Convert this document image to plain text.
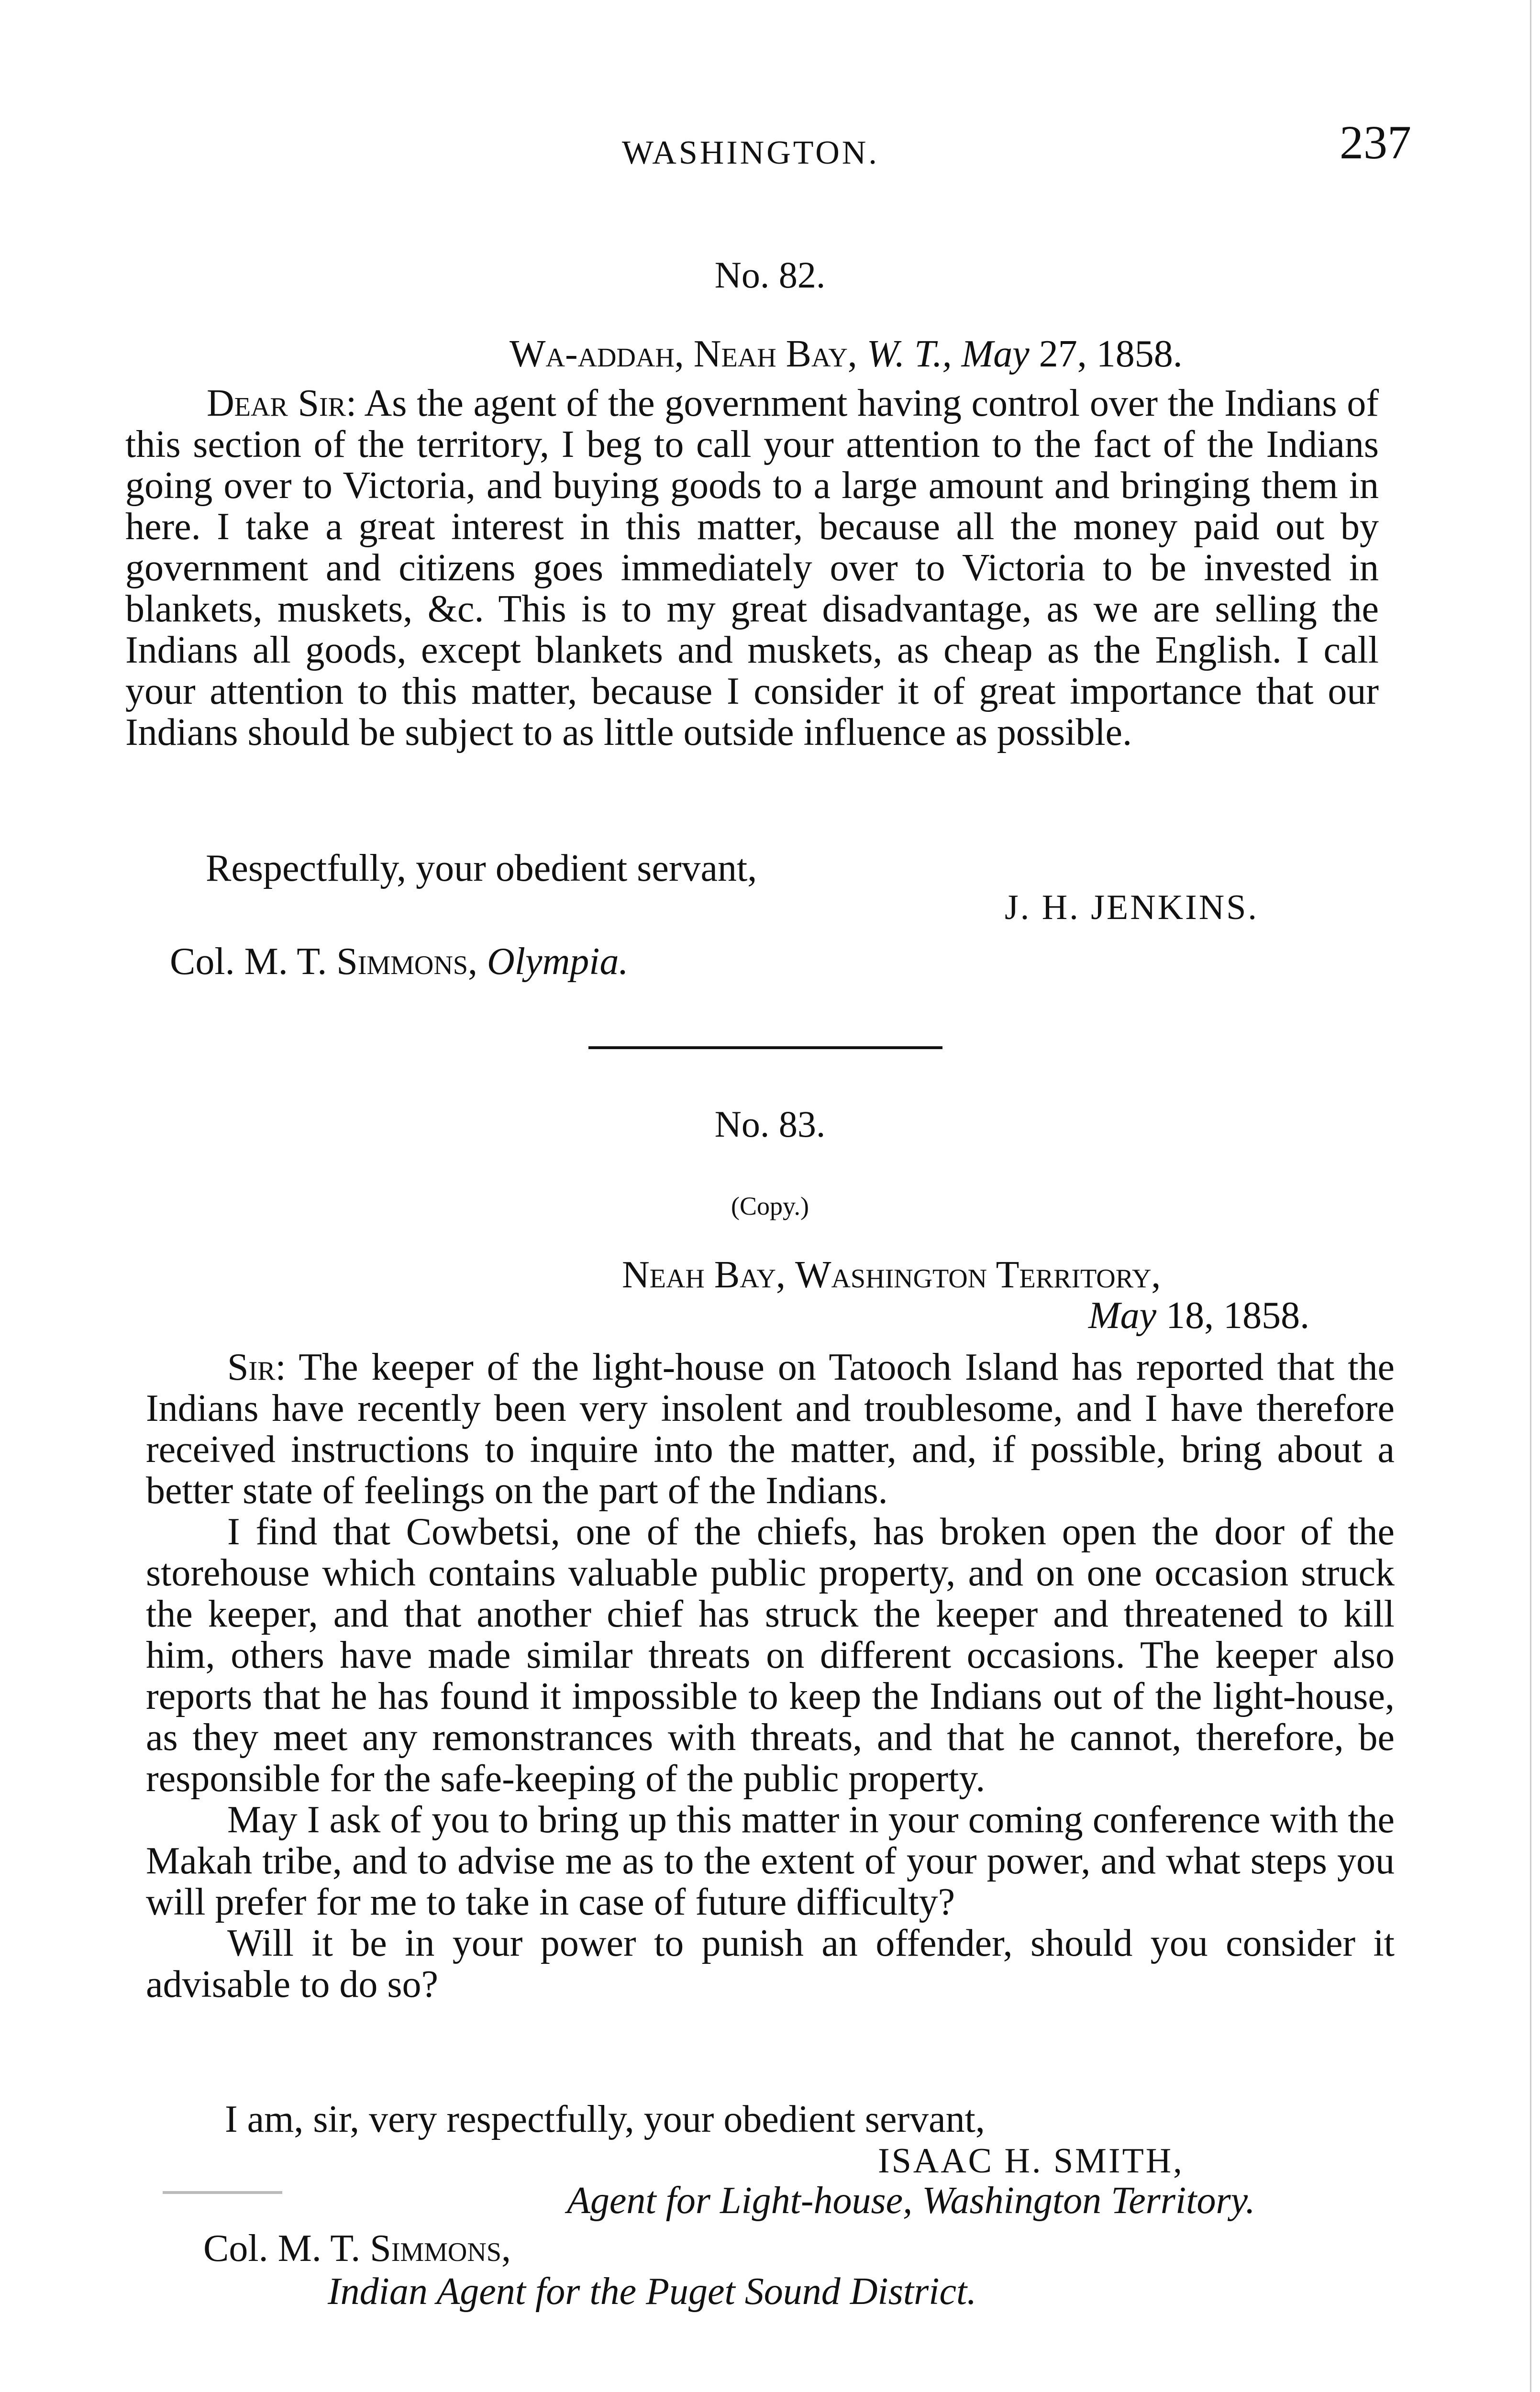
WASHINGTON.	237
No. 82.
Wa-addah, Neah Bay, W. T., May 27, 1858.

Dear Sir: As the agent of the government having control over the Indians of this section of the territory, I beg to call your attention to the fact of the Indians going over to Victoria, and buying goods to a large amount and bringing them in here. I take a great interest in this matter, because all the money paid out by government and citizens goes immediately over to Victoria to be invested in blankets, muskets, &c. This is to my great disadvantage, as we are selling the Indians all goods, except blankets and muskets, as cheap as the English. I call your attention to this matter, because I consider it of great importance that our Indians should be subject to as little outside influence as possible.

Respectfully, your obedient servant,
J. H. JENKINS.
Col. M. T. Simmons, Olympia.
No. 83.
(Copy.)
Neah Bay, Washington Territory,
May 18, 1858.

Sir: The keeper of the light-house on Tatooch Island has reported that the Indians have recently been very insolent and troublesome, and I have therefore received instructions to inquire into the matter, and, if possible, bring about a better state of feelings on the part of the Indians.

I find that Cowbetsi, one of the chiefs, has broken open the door of the storehouse which contains valuable public property, and on one occasion struck the keeper, and that another chief has struck the keeper and threatened to kill him, others have made similar threats on different occasions. The keeper also reports that he has found it impossible to keep the Indians out of the light-house, as they meet any remonstrances with threats, and that he cannot, therefore, be responsible for the safe-keeping of the public property.

May I ask of you to bring up this matter in your coming conference with the Makah tribe, and to advise me as to the extent of your power, and what steps you will prefer for me to take in case of future difficulty?

Will it be in your power to punish an offender, should you consider it advisable to do so?

I am, sir, very respectfully, your obedient servant,
ISAAC H. SMITH,
Agent for Light-house, Washington Territory.
Col. M. T. Simmons,
Indian Agent for the Puget Sound District.
